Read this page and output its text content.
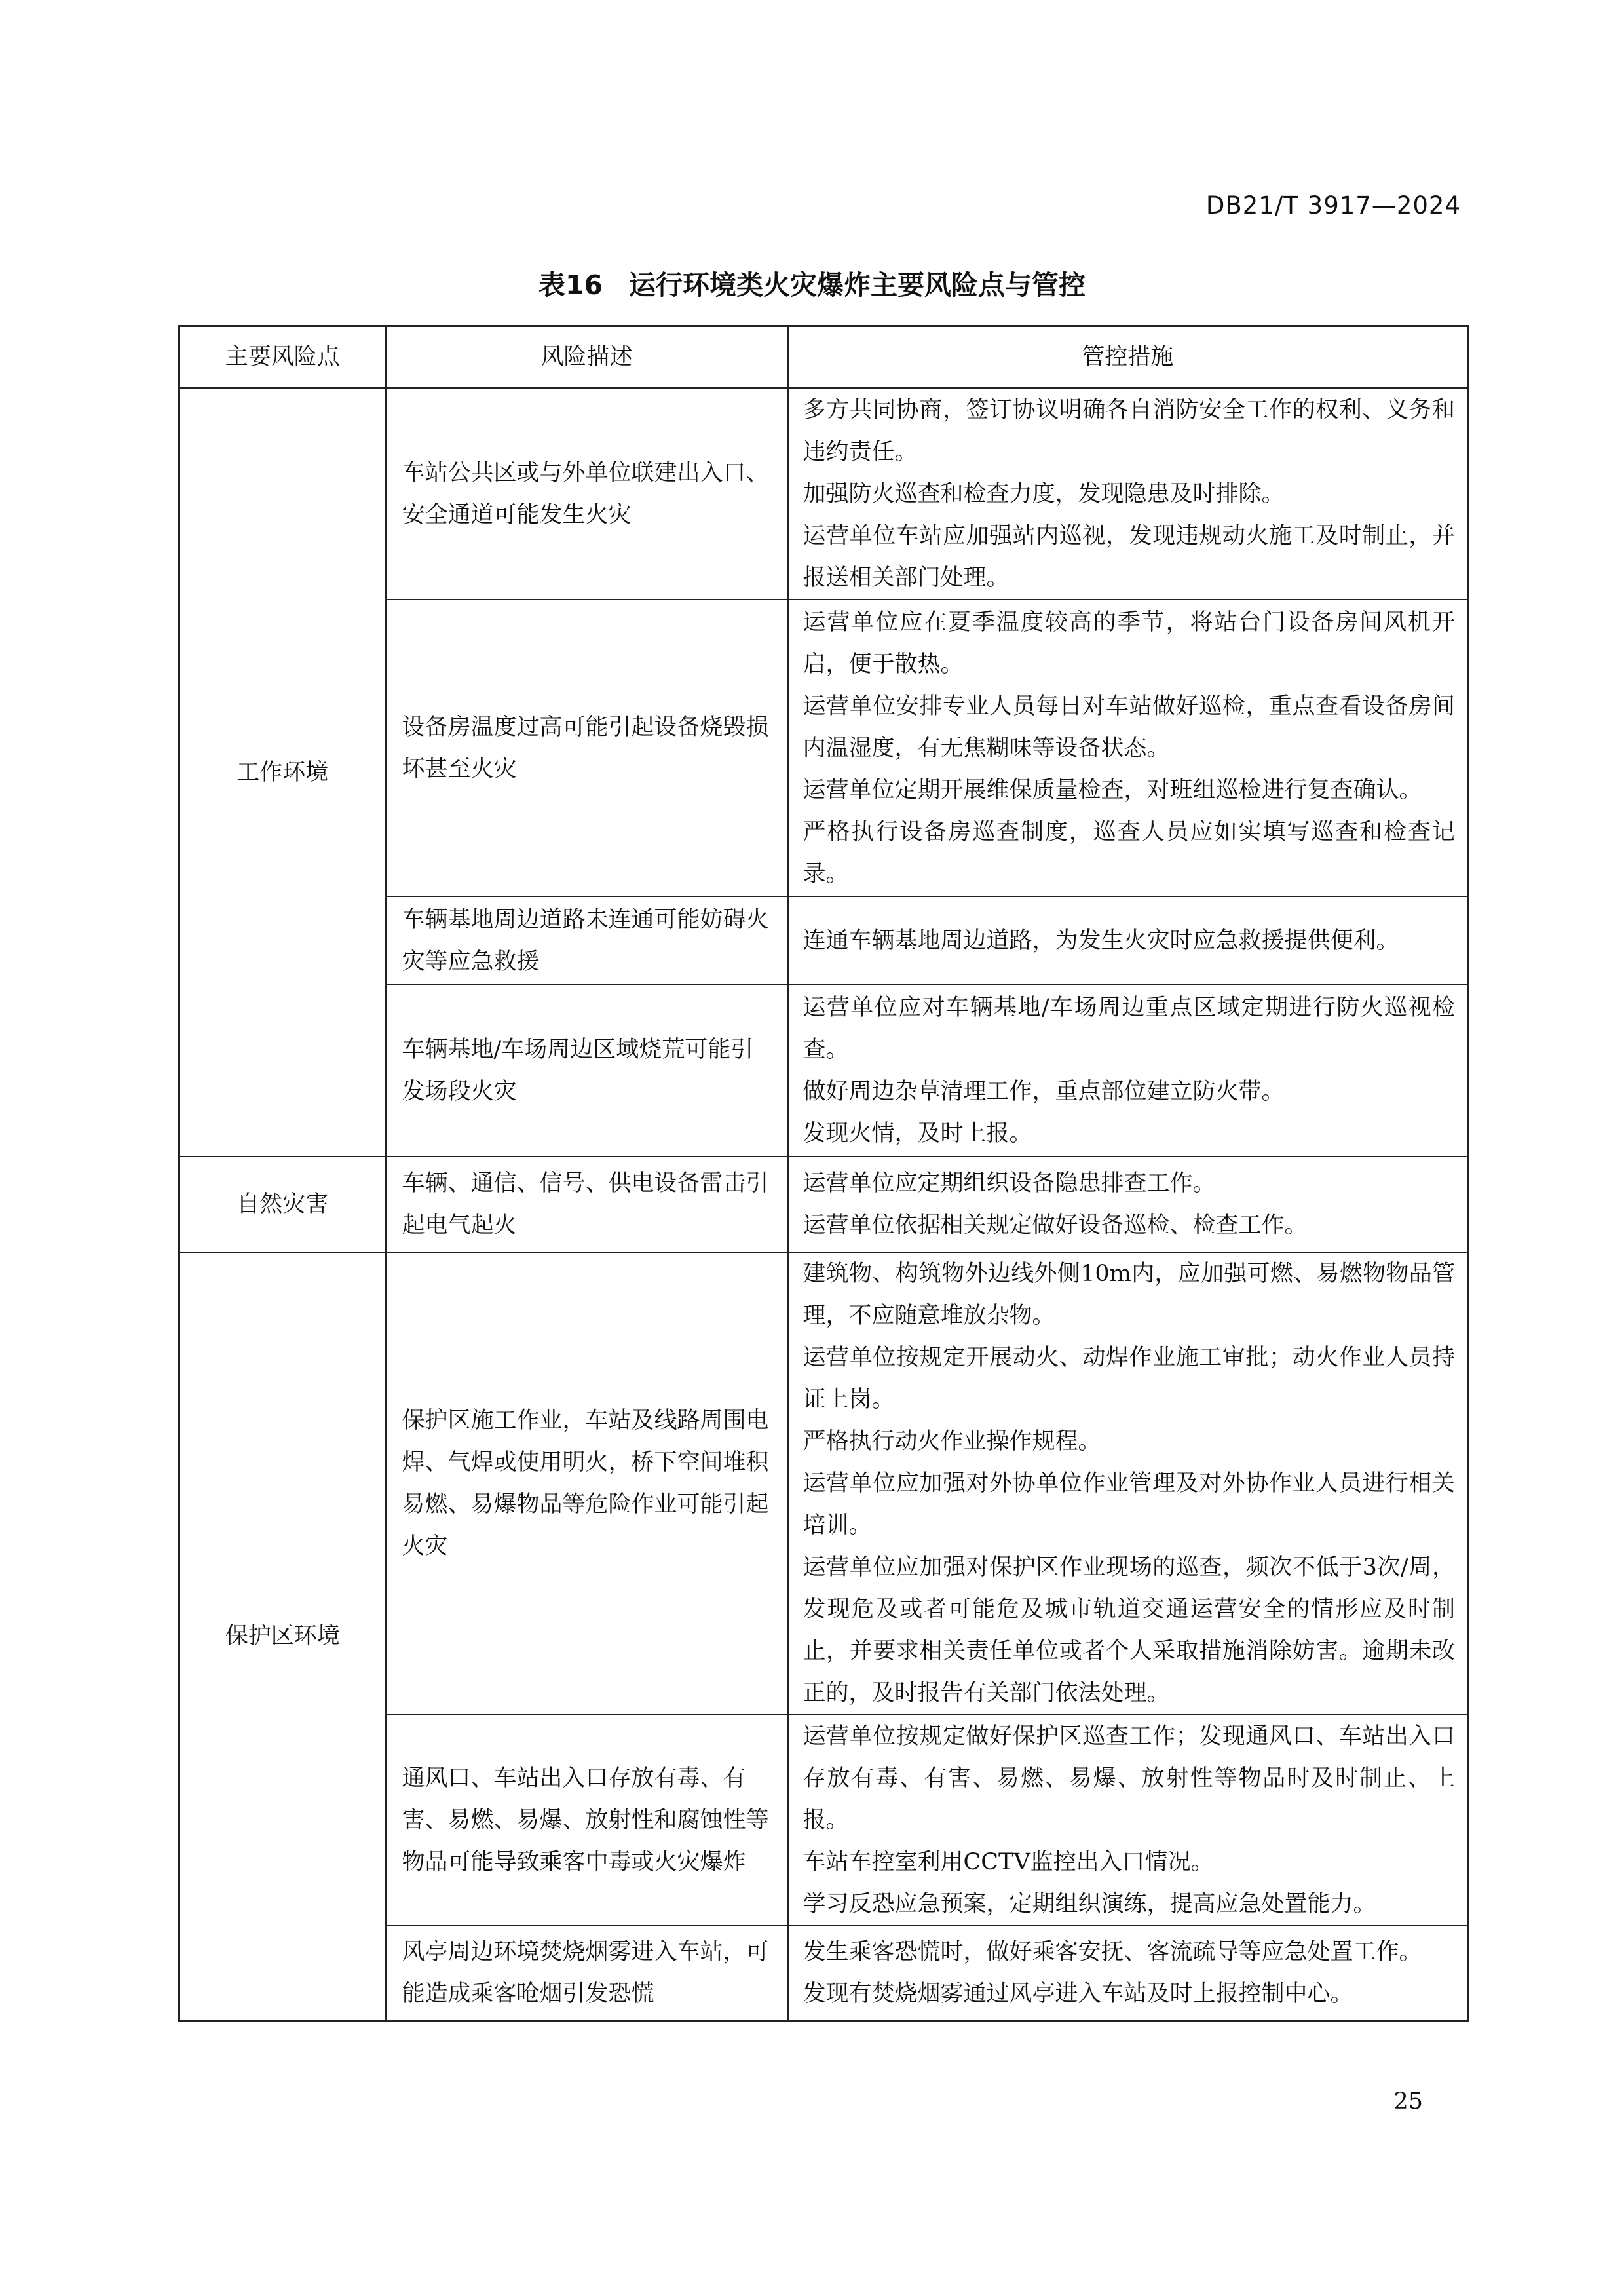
DB21/T 3917—2024
表16 运行环境类火灾爆炸主要风险点与管控
主要风险点	风险描述	管控措施
工作环境	车站公共区或与外单位联建出入口、安全通道可能发生火灾	多方共同协商，签订协议明确各自消防安全工作的权利、义务和违约责任。

加强防火巡查和检查力度，发现隐患及时排除。

运营单位车站应加强站内巡视，发现违规动火施工及时制止，并报送相关部门处理。

	设备房温度过高可能引起设备烧毁损坏甚至火灾	运营单位应在夏季温度较高的季节，将站台门设备房间风机开启，便于散热。

运营单位安排专业人员每日对车站做好巡检，重点查看设备房间内温湿度，有无焦糊味等设备状态。

运营单位定期开展维保质量检查，对班组巡检进行复查确认。

严格执行设备房巡查制度，巡查人员应如实填写巡查和检查记录。

	车辆基地周边道路未连通可能妨碍火灾等应急救援	连通车辆基地周边道路，为发生火灾时应急救援提供便利。

	车辆基地/车场周边区域烧荒可能引发场段火灾	运营单位应对车辆基地/车场周边重点区域定期进行防火巡视检查。

做好周边杂草清理工作，重点部位建立防火带。

发现火情，及时上报。

自然灾害	车辆、通信、信号、供电设备雷击引起电气起火	运营单位应定期组织设备隐患排查工作。

运营单位依据相关规定做好设备巡检、检查工作。

保护区环境	保护区施工作业，车站及线路周围电焊、气焊或使用明火，桥下空间堆积易燃、易爆物品等危险作业可能引起火灾	建筑物、构筑物外边线外侧10m内，应加强可燃、易燃物物品管理，不应随意堆放杂物。

运营单位按规定开展动火、动焊作业施工审批；动火作业人员持证上岗。

严格执行动火作业操作规程。

运营单位应加强对外协单位作业管理及对外协作业人员进行相关培训。

运营单位应加强对保护区作业现场的巡查，频次不低于3次/周，发现危及或者可能危及城市轨道交通运营安全的情形应及时制止，并要求相关责任单位或者个人采取措施消除妨害。逾期未改正的，及时报告有关部门依法处理。

	通风口、车站出入口存放有毒、有害、易燃、易爆、放射性和腐蚀性等物品可能导致乘客中毒或火灾爆炸	运营单位按规定做好保护区巡查工作；发现通风口、车站出入口存放有毒、有害、易燃、易爆、放射性等物品时及时制止、上报。

车站车控室利用CCTV监控出入口情况。

学习反恐应急预案，定期组织演练，提高应急处置能力。

	风亭周边环境焚烧烟雾进入车站，可能造成乘客呛烟引发恐慌	发生乘客恐慌时，做好乘客安抚、客流疏导等应急处置工作。

发现有焚烧烟雾通过风亭进入车站及时上报控制中心。

25
